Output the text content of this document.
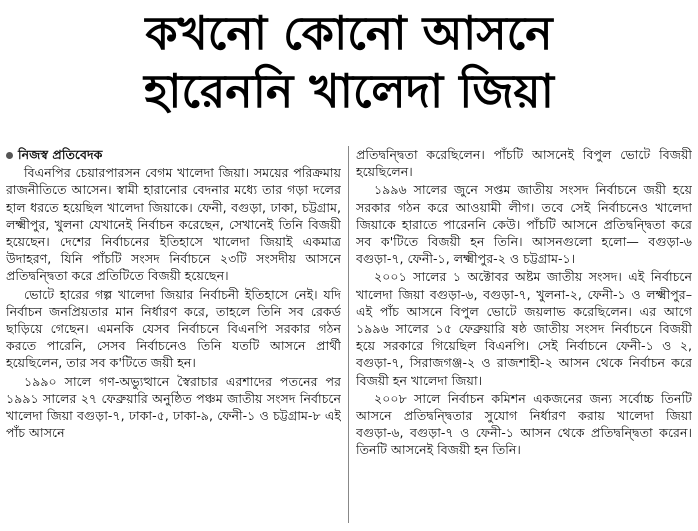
কখনো কোনো আসনে
হারেননি খালেদা জিয়া
নিজস্ব প্রতিবেদক

বিএনপির চেয়ারপারসন বেগম খালেদা জিয়া। সময়ের পরিক্রমায় রাজনীতিতে আসেন। স্বামী হারানোর বেদনার মধ্যে তার গড়া দলের হাল ধরতে হয়েছিল খালেদা জিয়াকে। ফেনী, বগুড়া, ঢাকা, চট্টগ্রাম, লক্ষ্মীপুর, খুলনা যেখানেই নির্বাচন করেছেন, সেখানেই তিনি বিজয়ী হয়েছেন। দেশের নির্বাচনের ইতিহাসে খালেদা জিয়াই একমাত্র উদাহরণ, যিনি পাঁচটি সংসদ নির্বাচনে ২৩টি সংসদীয় আসনে প্রতিদ্বন্দ্বিতা করে প্রতিটিতে বিজয়ী হয়েছেন।

ভোটে হারের গল্প খালেদা জিয়ার নির্বাচনী ইতিহাসে নেই। যদি নির্বাচন জনপ্রিয়তার মান নির্ধারণ করে, তাহলে তিনি সব রেকর্ড ছাড়িয়ে গেছেন। এমনকি যেসব নির্বাচনে বিএনপি সরকার গঠন করতে পারেনি, সেসব নির্বাচনেও তিনি যতটি আসনে প্রার্থী হয়েছিলেন, তার সব ক'টিতে জয়ী হন।

১৯৯০ সালে গণ-অভ্যুত্থানে স্বৈরাচার এরশাদের পতনের পর ১৯৯১ সালের ২৭ ফেব্রুয়ারি অনুষ্ঠিত পঞ্চম জাতীয় সংসদ নির্বাচনে খালেদা জিয়া বগুড়া-৭, ঢাকা-৫, ঢাকা-৯, ফেনী-১ ও চট্টগ্রাম-৮ এই পাঁচ আসনে

প্রতিদ্বন্দ্বিতা করেছিলেন। পাঁচটি আসনেই বিপুল ভোটে বিজয়ী হয়েছিলেন।

১৯৯৬ সালের জুনে সপ্তম জাতীয় সংসদ নির্বাচনে জয়ী হয়ে সরকার গঠন করে আওয়ামী লীগ। তবে সেই নির্বাচনেও খালেদা জিয়াকে হারাতে পারেননি কেউ। পাঁচটি আসনে প্রতিদ্বন্দ্বিতা করে সব ক'টিতে বিজয়ী হন তিনি। আসনগুলো হলো— বগুড়া-৬ বগুড়া-৭, ফেনী-১, লক্ষ্মীপুর-২ ও চট্টগ্রাম-১।

২০০১ সালের ১ অক্টোবর অষ্টম জাতীয় সংসদ। এই নির্বাচনে খালেদা জিয়া বগুড়া-৬, বগুড়া-৭, খুলনা-২, ফেনী-১ ও লক্ষ্মীপুর– এই পাঁচ আসনে বিপুল ভোটে জয়লাভ করেছিলেন। এর আগে ১৯৯৬ সালের ১৫ ফেব্রুয়ারি ষষ্ঠ জাতীয় সংসদ নির্বাচনে বিজয়ী হয়ে সরকারে গিয়েছিল বিএনপি। সেই নির্বাচনে ফেনী-১ ও ২, বগুড়া-৭, সিরাজগঞ্জ-২ ও রাজশাহী-২ আসন থেকে নির্বাচন করে বিজয়ী হন খালেদা জিয়া।

২০০৮ সালে নির্বাচন কমিশন একজনের জন্য সর্বোচ্চ তিনটি আসনে প্রতিদ্বন্দ্বিতার সুযোগ নির্ধারণ করায় খালেদা জিয়া বগুড়া-৬, বগুড়া-৭ ও ফেনী-১ আসন থেকে প্রতিদ্বন্দ্বিতা করেন। তিনটি আসনেই বিজয়ী হন তিনি।
